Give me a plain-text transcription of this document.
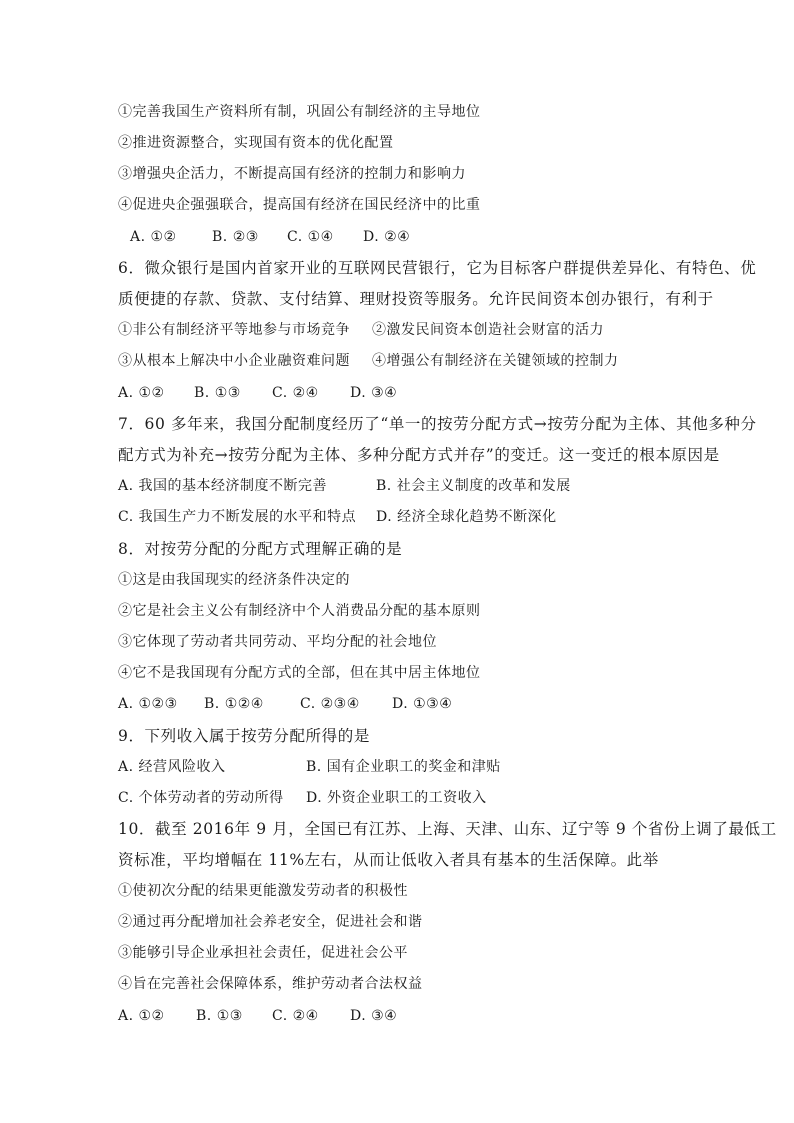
①完善我国生产资料所有制，巩固公有制经济的主导地位
②推进资源整合，实现国有资本的优化配置
③增强央企活力，不断提高国有经济的控制力和影响力
④促进央企强强联合，提高国有经济在国民经济中的比重
A. ①②	B. ②③ C. ①④ D. ②④
6．微众银行是国内首家开业的互联网民营银行，它为目标客户群提供差异化、有特色、优
质便捷的存款、贷款、支付结算、理财投资等服务。允许民间资本创办银行，有利于
①非公有制经济平等地参与市场竞争 ②激发民间资本创造社会财富的活力
③从根本上解决中小企业融资难问题 ④增强公有制经济在关键领域的控制力
A. ①② B. ①③ C. ②④ D. ③④
7．60 多年来，我国分配制度经历了“单一的按劳分配方式→按劳分配为主体、其他多种分
配方式为补充→按劳分配为主体、多种分配方式并存”的变迁。这一变迁的根本原因是
A. 我国的基本经济制度不断完善	B. 社会主义制度的改革和发展
C. 我国生产力不断发展的水平和特点 D. 经济全球化趋势不断深化
8．对按劳分配的分配方式理解正确的是
①这是由我国现实的经济条件决定的
②它是社会主义公有制经济中个人消费品分配的基本原则
③它体现了劳动者共同劳动、平均分配的社会地位
④它不是我国现有分配方式的全部，但在其中居主体地位
A. ①②③ B. ①②④	C. ②③④ D. ①③④
9．下列收入属于按劳分配所得的是
A. 经营风险收入	B. 国有企业职工的奖金和津贴
C. 个体劳动者的劳动所得 D. 外资企业职工的工资收入
10．截至 2016年 9 月，全国已有江苏、上海、天津、山东、辽宁等 9 个省份上调了最低工
资标准，平均增幅在 11%左右，从而让低收入者具有基本的生活保障。此举
①使初次分配的结果更能激发劳动者的积极性
②通过再分配增加社会养老安全，促进社会和谐
③能够引导企业承担社会责任，促进社会公平
④旨在完善社会保障体系，维护劳动者合法权益
A. ①② B. ①③ C. ②④ D. ③④
